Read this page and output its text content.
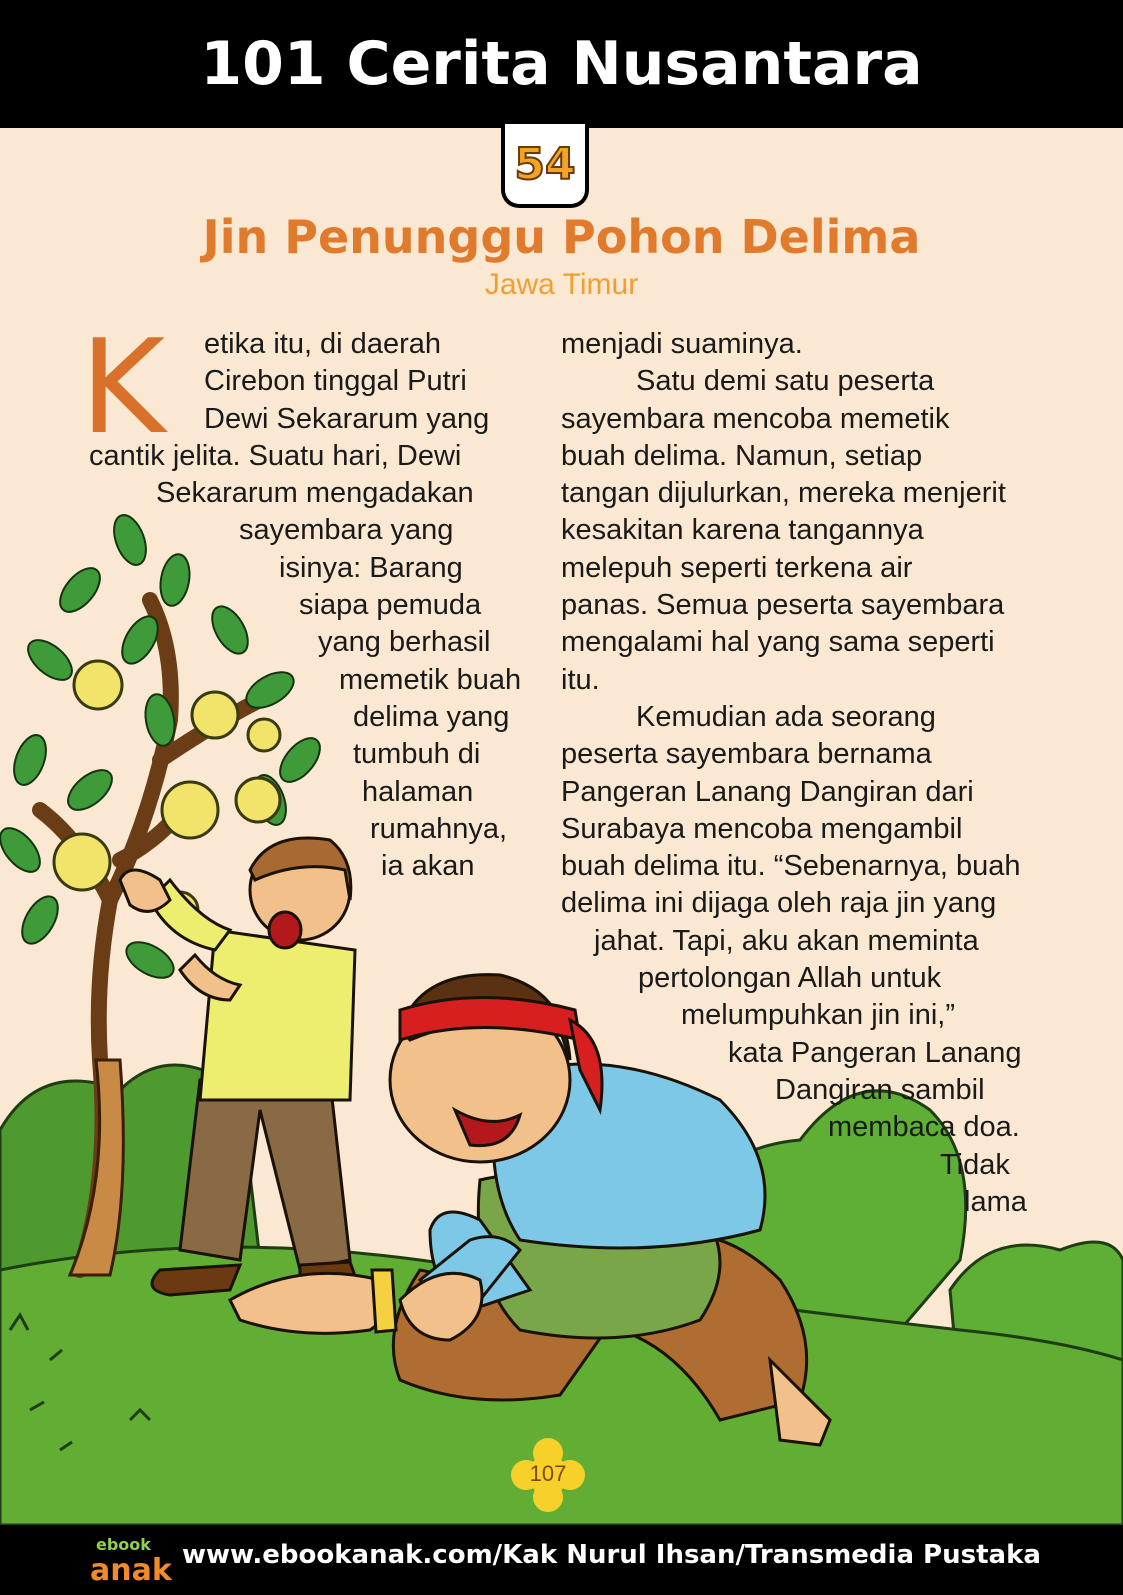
101 Cerita Nusantara
54
Jin Penunggu Pohon Delima
Jawa Timur
K etika itu, di daerah
Cirebon tinggal Putri
Dewi Sekararum yang
cantik jelita. Suatu hari, Dewi
Sekararum mengadakan
sayembara yang
isinya: Barang
siapa pemuda
yang berhasil
memetik buah
delima yang
tumbuh di
halaman
rumahnya,
ia akan
menjadi suaminya.
Satu demi satu peserta
sayembara mencoba memetik
buah delima. Namun, setiap
tangan dijulurkan, mereka menjerit
kesakitan karena tangannya
melepuh seperti terkena air
panas. Semua peserta sayembara
mengalami hal yang sama seperti
itu.
Kemudian ada seorang
peserta sayembara bernama
Pangeran Lanang Dangiran dari
Surabaya mencoba mengambil
buah delima itu. “Sebenarnya, buah
delima ini dijaga oleh raja jin yang
jahat. Tapi, aku akan meminta
pertolongan Allah untuk
melumpuhkan jin ini,”
kata Pangeran Lanang
Dangiran sambil
membaca doa.
Tidak
lama
107
ebook
anak www.ebookanak.com/Kak Nurul Ihsan/Transmedia Pustaka
